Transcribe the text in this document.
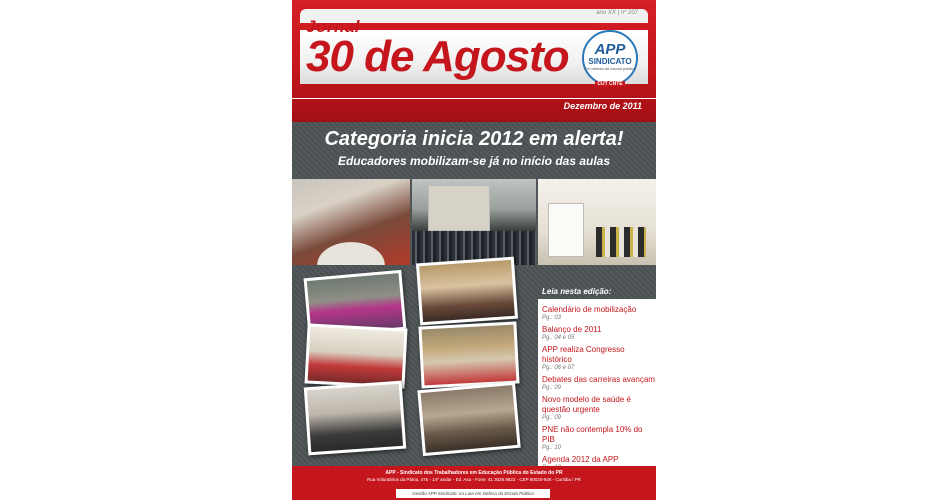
ano XX | nº 207
30 de Agosto
Jornal
APP
SINDICATO
Em defesa da escola pública
CUT CNTE
Dezembro de 2011
Categoria inicia 2012 em alerta!
Educadores mobilizam-se já no início das aulas
Leia nesta edição:
Calendário de mobilização
Pg.: 03
Balanço de 2011
Pg.: 04 e 05
APP realiza Congresso histórico
Pg.: 06 e 07
Debates das carreiras avançam
Pg.: 09
Novo modelo de saúde é questão urgente
Pg.: 09
PNE não contempla 10% do PIB
Pg.: 10
Agenda 2012 da APP
APP - Sindicato dos Trabalhadores em Educação Pública do Estado do PR
Rua Voluntários da Pátria, 475 - 14º andar - Ed. Asa - Fone: 41 3026.9822 - CEP 80020-926 - Curitiba / PR
Gestão APP Sindicato: na Luta em Defesa da Escola Pública
